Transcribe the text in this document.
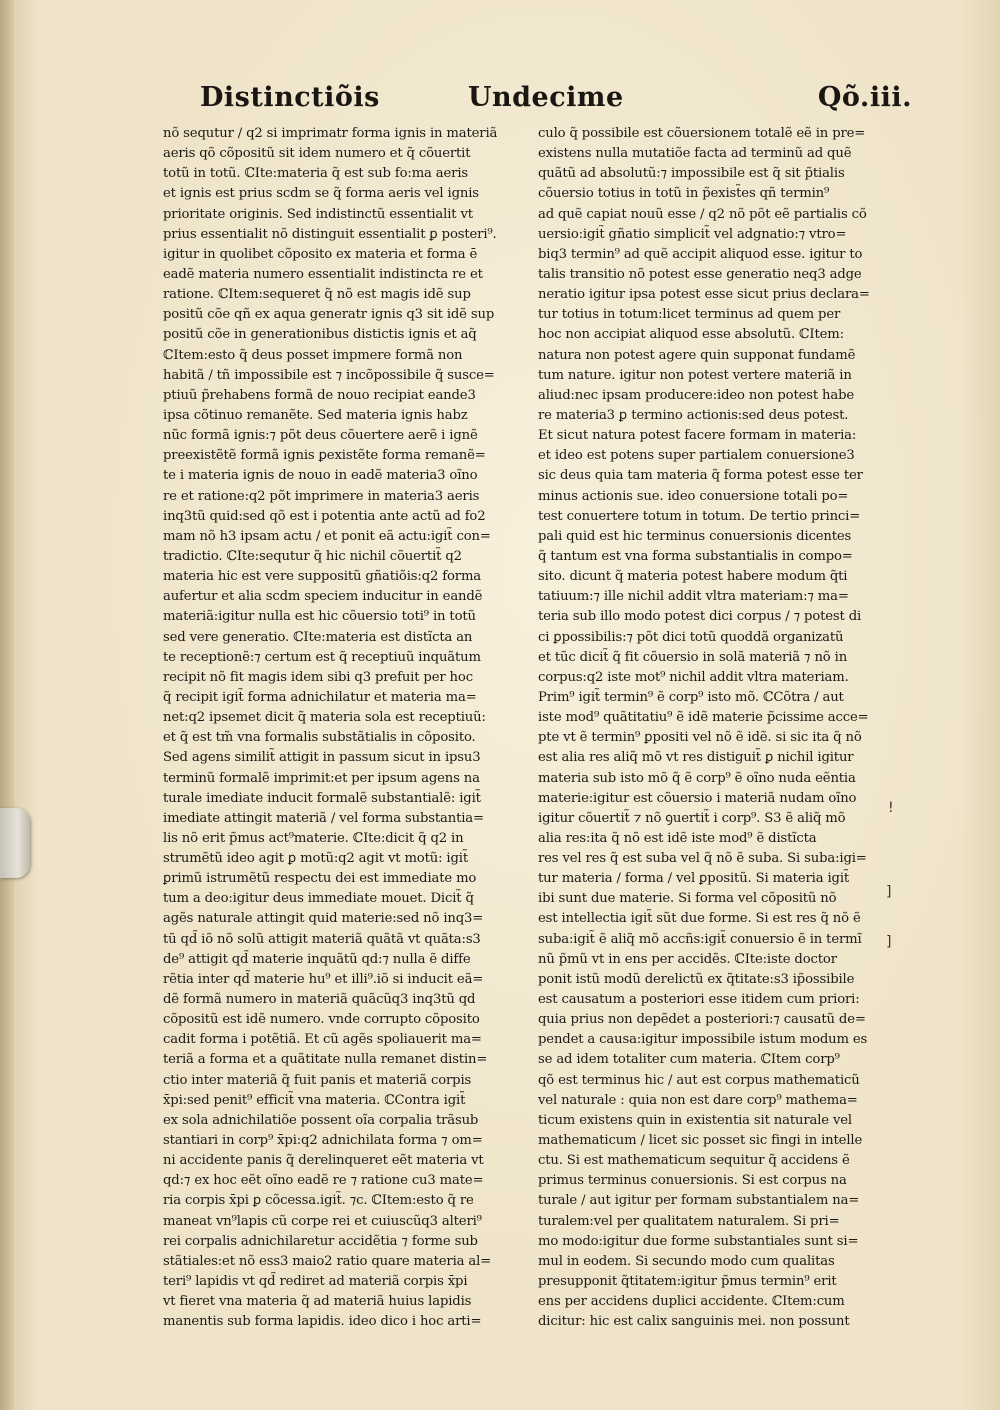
Distinctiõis	Undecime	Qõ.iii.
nõ sequtur / q2 si imprimatr forma ignis in materiã
aeris qõ cõpositũ sit idem numero et q̃ cõuertit
totũ in totũ. ℂIte:materia q̃ est sub fo:ma aeris
et ignis est prius scdm se q̃ forma aeris vel ignis
prioritate originis. Sed indistinctũ essentialit vt
prius essentialit nõ distinguit essentialit ꝑ posteri⁹.
igitur in quolibet cõposito ex materia et forma ē
eadẽ materia numero essentialit indistincta re et
ratione. ℂItem:sequeret q̃ nõ est magis idẽ sup
positũ cõe qñ ex aqua generatr ignis q3 sit idẽ sup
positũ cõe in generationibus distictis ignis et aq̃
ℂItem:esto q̃ deus posset impmere formã non
habitã / tñ impossibile est ⁊ incõpossibile q̃ susce=
ptiuũ p̃rehabens formã de nouo recipiat eande3
ipsa cõtinuo remanẽte. Sed materia ignis habz
nũc formã ignis:⁊ põt deus cõuertere aerẽ i ignẽ
preexistẽtẽ formã ignis ꝑexistẽte forma remanẽ=
te i materia ignis de nouo in eadẽ materia3 oĩno
re et ratione:q2 põt imprimere in materia3 aeris
inq3tũ quid:sed qõ est i potentia ante actũ ad fo2
mam nõ h3 ipsam actu / et ponit eã actu:igit̃ con=
tradictio. ℂIte:sequtur q̃ hic nichil cõuertit̃ q2
materia hic est vere suppositũ gñatiõis:q2 forma
aufertur et alia scdm speciem inducitur in eandẽ
materiã:igitur nulla est hic cõuersio toti⁹ in totũ
sed vere generatio. ℂIte:materia est distĩcta an
te receptionẽ:⁊ certum est q̃ receptiuũ inquãtum
recipit nõ fit magis idem sibi q3 prefuit per hoc
q̃ recipit igit̃ forma adnichilatur et materia ma=
net:q2 ipsemet dicit q̃ materia sola est receptiuũ:
et q̃ est tm̃ vna formalis substãtialis in cõposito.
Sed agens similit̃ attigit in passum sicut in ipsu3
terminũ formalẽ imprimit:et per ipsum agens na
turale imediate inducit formalẽ substantialẽ: igit̃
imediate attingit materiã / vel forma substantia=
lis nõ erit p̃mus act⁹materie. ℂIte:dicit q̃ q2 in
strumẽtũ ideo agit ꝑ motũ:q2 agit vt motũ: igit̃
ꝑrimũ istrumẽtũ respectu dei est immediate mo
tum a deo:igitur deus immediate mouet. Dicit̃ q̃
agẽs naturale attingit quid materie:sed nõ inq3=
tũ qd̃ iõ nõ solũ attigit materiã quãtã vt quãta:s3
de⁹ attigit qd̃ materie inquãtũ qd:⁊ nulla ẽ diffe
rẽtia inter qd̃ materie hu⁹ et illi⁹.iõ si inducit eã=
dẽ formã numero in materiã quãcũq3 inq3tũ qd
cõpositũ est idẽ numero. vnde corrupto cõposito
cadit forma i potẽtiã. Et cũ agẽs spoliauerit ma=
teriã a forma et a quãtitate nulla remanet distin=
ctio inter materiã q̃ fuit panis et materiã corpis
x̄pi:sed penit⁹ efficit̃ vna materia. ℂContra igit̃
ex sola adnichilatiõe possent oĩa corpalia trãsub
stantiari in corp⁹ x̄pi:q2 adnichilata forma ⁊ om=
ni accidente panis q̃ derelinqueret eẽt materia vt
qd:⁊ ex hoc eẽt oĩno eadẽ re ⁊ ratione cu3 mate=
ria corpis x̄pi ꝑ cõcessa.igit̃. ⁊c. ℂItem:esto q̃ re
maneat vn⁹lapis cũ corpe rei et cuiuscũq3 alteri⁹
rei corpalis adnichilaretur accidẽtia ⁊ forme sub
stãtiales:et nõ ess3 maio2 ratio quare materia al=
teri⁹ lapidis vt qd̃ rediret ad materiã corpis x̄pi
vt fieret vna materia q̃ ad materiã huius lapidis
manentis sub forma lapidis. ideo dico i hoc arti=
culo q̃ possibile est cõuersionem totalẽ eẽ in pre=
existens nulla mutatiõe facta ad terminũ ad quẽ
quãtũ ad absolutũ:⁊ impossibile est q̃ sit p̃tialis
cõuersio totius in totũ in p̃exist̃es qñ termin⁹
ad quẽ capiat nouũ esse / q2 nõ põt eẽ partialis cõ
uersio:igit̃ gñatio simplicit̃ vel adgnatio:⁊ vtro=
biq3 termin⁹ ad quẽ accipit aliquod esse. igitur to
talis transitio nõ potest esse generatio neq3 adge
neratio igitur ipsa potest esse sicut prius declara=
tur totius in totum:licet terminus ad quem per
hoc non accipiat aliquod esse absolutũ. ℂItem:
natura non potest agere quin supponat fundamẽ
tum nature. igitur non potest vertere materiã in
aliud:nec ipsam producere:ideo non potest habe
re materia3 ꝑ termino actionis:sed deus potest.
Et sicut natura potest facere formam in materia:
et ideo est potens super partialem conuersione3
sic deus quia tam materia q̃ forma potest esse ter
minus actionis sue. ideo conuersione totali po=
test conuertere totum in totum. De tertio princi=
pali quid est hic terminus conuersionis dicentes
q̃ tantum est vna forma substantialis in compo=
sito. dicunt q̃ materia potest habere modum q̃ti
tatiuum:⁊ ille nichil addit vltra materiam:⁊ ma=
teria sub illo modo potest dici corpus / ⁊ potest di
ci ꝑpossibilis:⁊ põt dici totũ quoddã organizatũ
et tũc dicit̃ q̃ fit cõuersio in solã materiã ⁊ nõ in
corpus:q2 iste mot⁹ nichil addit vltra materiam.
Prim⁹ igit̃ termin⁹ ẽ corp⁹ isto mõ. ℂCõtra / aut
iste mod⁹ quãtitatiu⁹ ẽ idẽ materie p̃cissime acce=
pte vt ẽ termin⁹ ꝑpositi vel nõ ẽ idẽ. si sic ita q̃ nõ
est alia res aliq̃ mõ vt res distiguit̃ ꝑ nichil igitur
materia sub isto mõ q̃ ẽ corp⁹ ẽ oĩno nuda eẽntia
materie:igitur est cõuersio i materiã nudam oĩno
igitur cõuertit̃ ⁊ nõ ꝯuertit̃ i corp⁹. S3 ẽ aliq̃ mõ
alia res:ita q̃ nõ est idẽ iste mod⁹ ẽ distĩcta
res vel res q̃ est suba vel q̃ nõ ẽ suba. Si suba:igi=
tur materia / forma / vel ꝑpositũ. Si materia igit̃
ibi sunt due materie. Si forma vel cõpositũ nõ
est intellectia igit̃ sũt due forme. Si est res q̃ nõ ẽ
suba:igit̃ ẽ aliq̃ mõ accñs:igit̃ conuersio ẽ in termĩ
nũ p̃mũ vt in ens per accidẽs. ℂIte:iste doctor
ponit istũ modũ derelictũ ex q̃titate:s3 ip̃ossibile
est causatum a posteriori esse itidem cum priori:
quia prius non depẽdet a posteriori:⁊ causatũ de=
pendet a causa:igitur impossibile istum modum es
se ad idem totaliter cum materia. ℂItem corp⁹
qõ est terminus hic / aut est corpus mathematicũ
vel naturale : quia non est dare corp⁹ mathema=
ticum existens quin in existentia sit naturale vel
mathematicum / licet sic posset sic fingi in intelle
ctu. Si est mathematicum sequitur q̃ accidens ẽ
primus terminus conuersionis. Si est corpus na
turale / aut igitur per formam substantialem na=
turalem:vel per qualitatem naturalem. Si pri=
mo modo:igitur due forme substantiales sunt si=
mul in eodem. Si secundo modo cum qualitas
presupponit q̃titatem:igitur p̃mus termin⁹ erit
ens per accidens duplici accidente. ℂItem:cum
dicitur: hic est calix sanguinis mei. non possunt
!
]
]
